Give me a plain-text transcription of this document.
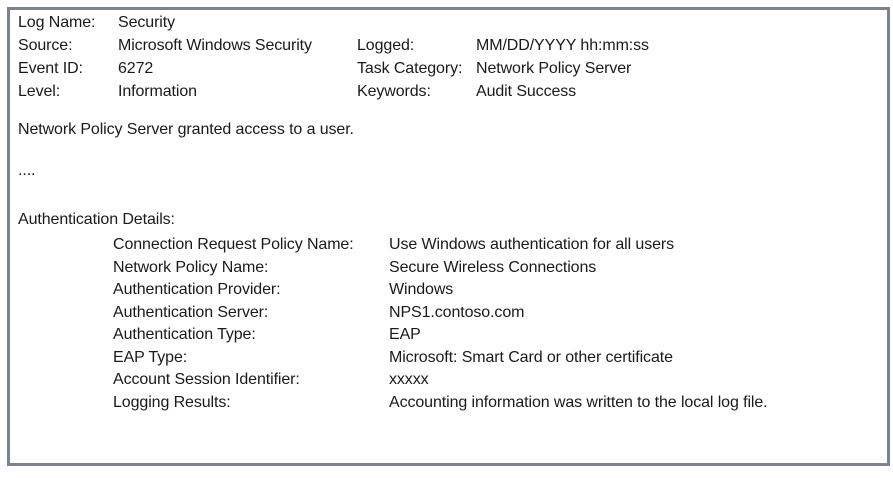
Log Name:	Security
Source:	Microsoft Windows Security	Logged:	MM/DD/YYYY hh:mm:ss
Event ID:	6272	Task Category: Network Policy Server
Level:	Information	Keywords:	Audit Success
Network Policy Server granted access to a user.
....
Authentication Details:
Connection Request Policy Name:	Use Windows authentication for all users
Network Policy Name:	Secure Wireless Connections
Authentication Provider:	Windows
Authentication Server:	NPS1.contoso.com
Authentication Type:	EAP
EAP Type:	Microsoft: Smart Card or other certificate
Account Session Identifier:	xxxxx
Logging Results:	Accounting information was written to the local log file.
